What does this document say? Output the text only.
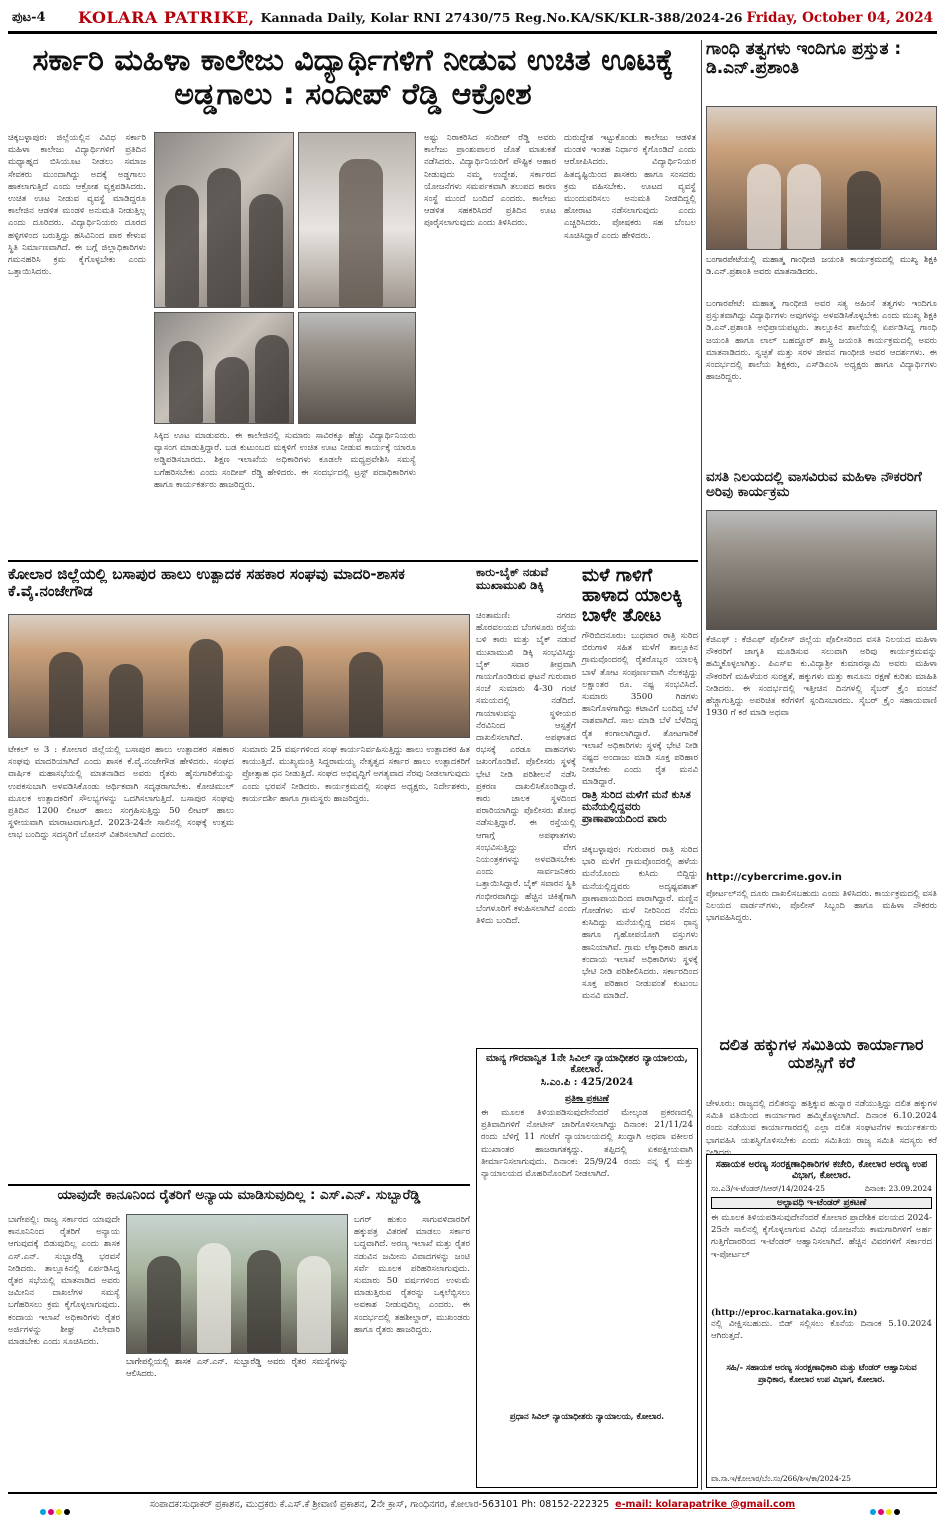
ಪುಟ-4	KOLARA PATRIKE, Kannada Daily, Kolar RNI 27430/75 Reg.No.KA/SK/KLR-388/2024-26 Friday, October 04, 2024
ಸರ್ಕಾರಿ ಮಹಿಳಾ ಕಾಲೇಜು ವಿದ್ಯಾರ್ಥಿಗಳಿಗೆ ನೀಡುವ ಉಚಿತ ಊಟಕ್ಕೆ ಅಡ್ಡಗಾಲು : ಸಂದೀಪ್ ರೆಡ್ಡಿ ಆಕ್ರೋಶ
ಚಿಕ್ಕಬಳ್ಳಾಪುರ: ಜಿಲ್ಲೆಯಲ್ಲಿನ ವಿವಿಧ ಸರ್ಕಾರಿ ಮಹಿಳಾ ಕಾಲೇಜು ವಿದ್ಯಾರ್ಥಿಗಳಿಗೆ ಪ್ರತಿದಿನ ಮಧ್ಯಾಹ್ನದ ಬಿಸಿಯೂಟ ನೀಡಲು ಸಮಾಜ ಸೇವಕರು ಮುಂದಾಗಿದ್ದು ಅದಕ್ಕೆ ಅಡ್ಡಗಾಲು ಹಾಕಲಾಗುತ್ತಿದೆ ಎಂದು ಆಕ್ರೋಶ ವ್ಯಕ್ತಪಡಿಸಿದರು. ಉಚಿತ ಊಟ ನೀಡುವ ವ್ಯವಸ್ಥೆ ಮಾಡಿದ್ದರೂ ಕಾಲೇಜಿನ ಆಡಳಿತ ಮಂಡಳಿ ಅನುಮತಿ ನೀಡುತ್ತಿಲ್ಲ ಎಂದು ದೂರಿದರು. ವಿದ್ಯಾರ್ಥಿನಿಯರು ದೂರದ ಹಳ್ಳಿಗಳಿಂದ ಬರುತ್ತಿದ್ದು ಹಸಿವಿನಿಂದ ಪಾಠ ಕೇಳುವ ಸ್ಥಿತಿ ನಿರ್ಮಾಣವಾಗಿದೆ. ಈ ಬಗ್ಗೆ ಜಿಲ್ಲಾಧಿಕಾರಿಗಳು ಗಮನಹರಿಸಿ ಕ್ರಮ ಕೈಗೊಳ್ಳಬೇಕು ಎಂದು ಒತ್ತಾಯಿಸಿದರು.
ಸಿಕ್ಕಿದ ಊಟ ಮಾಡುವರು. ಈ ಕಾಲೇಜಿನಲ್ಲಿ ಸುಮಾರು ಸಾವಿರಕ್ಕೂ ಹೆಚ್ಚು ವಿದ್ಯಾರ್ಥಿನಿಯರು ವ್ಯಾಸಂಗ ಮಾಡುತ್ತಿದ್ದಾರೆ. ಬಡ ಕುಟುಂಬದ ಮಕ್ಕಳಿಗೆ ಉಚಿತ ಊಟ ನೀಡುವ ಕಾರ್ಯಕ್ಕೆ ಯಾರೂ ಅಡ್ಡಿಪಡಿಸಬಾರದು. ಶಿಕ್ಷಣ ಇಲಾಖೆಯ ಅಧಿಕಾರಿಗಳು ಕೂಡಲೇ ಮಧ್ಯಪ್ರವೇಶಿಸಿ ಸಮಸ್ಯೆ ಬಗೆಹರಿಸಬೇಕು ಎಂದು ಸಂದೀಪ್ ರೆಡ್ಡಿ ಹೇಳಿದರು. ಈ ಸಂದರ್ಭದಲ್ಲಿ ಟ್ರಸ್ಟ್ ಪದಾಧಿಕಾರಿಗಳು ಹಾಗೂ ಕಾರ್ಯಕರ್ತರು ಹಾಜರಿದ್ದರು.
ಅಷ್ಟು ನಿರಾಕರಿಸಿದ ಸಂದೀಪ್ ರೆಡ್ಡಿ ಅವರು ಕಾಲೇಜು ಪ್ರಾಂಶುಪಾಲರ ಜೊತೆ ಮಾತುಕತೆ ನಡೆಸಿದರು. ವಿದ್ಯಾರ್ಥಿನಿಯರಿಗೆ ಪೌಷ್ಟಿಕ ಆಹಾರ ನೀಡುವುದು ನಮ್ಮ ಉದ್ದೇಶ. ಸರ್ಕಾರದ ಯೋಜನೆಗಳು ಸಮರ್ಪಕವಾಗಿ ತಲುಪದ ಕಾರಣ ಸಂಸ್ಥೆ ಮುಂದೆ ಬಂದಿದೆ ಎಂದರು. ಕಾಲೇಜು ಆಡಳಿತ ಸಹಕರಿಸಿದರೆ ಪ್ರತಿದಿನ ಊಟ ಪೂರೈಸಲಾಗುವುದು ಎಂದು ತಿಳಿಸಿದರು.
ದುರುದ್ದೇಶ ಇಟ್ಟುಕೊಂಡು ಕಾಲೇಜು ಆಡಳಿತ ಮಂಡಳಿ ಇಂತಹ ನಿರ್ಧಾರ ಕೈಗೊಂಡಿದೆ ಎಂದು ಆರೋಪಿಸಿದರು. ವಿದ್ಯಾರ್ಥಿನಿಯರ ಹಿತದೃಷ್ಟಿಯಿಂದ ಶಾಸಕರು ಹಾಗೂ ಸಂಸದರು ಕ್ರಮ ವಹಿಸಬೇಕು. ಊಟದ ವ್ಯವಸ್ಥೆ ಮುಂದುವರಿಸಲು ಅನುಮತಿ ನೀಡದಿದ್ದಲ್ಲಿ ಹೋರಾಟ ನಡೆಸಲಾಗುವುದು ಎಂದು ಎಚ್ಚರಿಸಿದರು. ಪೋಷಕರು ಸಹ ಬೆಂಬಲ ಸೂಚಿಸಿದ್ದಾರೆ ಎಂದು ಹೇಳಿದರು.
ಗಾಂಧಿ ತತ್ವಗಳು ಇಂದಿಗೂ ಪ್ರಸ್ತುತ : ಡಿ.ಎನ್.ಪ್ರಶಾಂತಿ
ಬಂಗಾರಪೇಟೆಯಲ್ಲಿ ಮಹಾತ್ಮ ಗಾಂಧೀಜಿ ಜಯಂತಿ ಕಾರ್ಯಕ್ರಮದಲ್ಲಿ ಮುಖ್ಯ ಶಿಕ್ಷಕಿ ಡಿ.ಎನ್.ಪ್ರಶಾಂತಿ ಅವರು ಮಾತನಾಡಿದರು.
ಬಂಗಾರಪೇಟೆ: ಮಹಾತ್ಮ ಗಾಂಧೀಜಿ ಅವರ ಸತ್ಯ ಅಹಿಂಸೆ ತತ್ವಗಳು ಇಂದಿಗೂ ಪ್ರಸ್ತುತವಾಗಿದ್ದು ವಿದ್ಯಾರ್ಥಿಗಳು ಅವುಗಳನ್ನು ಅಳವಡಿಸಿಕೊಳ್ಳಬೇಕು ಎಂದು ಮುಖ್ಯ ಶಿಕ್ಷಕಿ ಡಿ.ಎನ್.ಪ್ರಶಾಂತಿ ಅಭಿಪ್ರಾಯಪಟ್ಟರು. ತಾಲ್ಲೂಕಿನ ಶಾಲೆಯಲ್ಲಿ ಏರ್ಪಡಿಸಿದ್ದ ಗಾಂಧಿ ಜಯಂತಿ ಹಾಗೂ ಲಾಲ್ ಬಹದ್ದೂರ್ ಶಾಸ್ತ್ರಿ ಜಯಂತಿ ಕಾರ್ಯಕ್ರಮದಲ್ಲಿ ಅವರು ಮಾತನಾಡಿದರು. ಸ್ವಚ್ಛತೆ ಮತ್ತು ಸರಳ ಜೀವನ ಗಾಂಧೀಜಿ ಅವರ ಆದರ್ಶಗಳು. ಈ ಸಂದರ್ಭದಲ್ಲಿ ಶಾಲೆಯ ಶಿಕ್ಷಕರು, ಎಸ್‌ಡಿಎಂಸಿ ಅಧ್ಯಕ್ಷರು ಹಾಗೂ ವಿದ್ಯಾರ್ಥಿಗಳು ಹಾಜರಿದ್ದರು.
ವಸತಿ ನಿಲಯದಲ್ಲಿ ವಾಸವಿರುವ ಮಹಿಳಾ ನೌಕರರಿಗೆ ಅರಿವು ಕಾರ್ಯಕ್ರಮ
ಕೆಜಿಎಫ್ : ಕೆಜಿಎಫ್ ಪೊಲೀಸ್ ಜಿಲ್ಲೆಯ ಪೊಲೀಸರಿಂದ ವಸತಿ ನಿಲಯದ ಮಹಿಳಾ ನೌಕರರಿಗೆ ಜಾಗೃತಿ ಮೂಡಿಸುವ ಸಲುವಾಗಿ ಅರಿವು ಕಾರ್ಯಕ್ರಮವನ್ನು ಹಮ್ಮಿಕೊಳ್ಳಲಾಗಿತ್ತು. ಪಿಎಸ್ಐ ಕು.ವಿದ್ಯಾಶ್ರೀ ಕುಮಾರಸ್ವಾಮಿ ಅವರು ಮಹಿಳಾ ನೌಕರರಿಗೆ ಮಹಿಳೆಯರ ಸುರಕ್ಷತೆ, ಹಕ್ಕುಗಳು ಮತ್ತು ಕಾನೂನು ರಕ್ಷಣೆ ಕುರಿತು ಮಾಹಿತಿ ನೀಡಿದರು. ಈ ಸಂದರ್ಭದಲ್ಲಿ ಇತ್ತೀಚಿನ ದಿನಗಳಲ್ಲಿ ಸೈಬರ್ ಕ್ರೈಂ ವಂಚನೆ ಹೆಚ್ಚಾಗುತ್ತಿದ್ದು ಅಪರಿಚಿತ ಕರೆಗಳಿಗೆ ಸ್ಪಂದಿಸಬಾರದು. ಸೈಬರ್ ಕ್ರೈಂ ಸಹಾಯವಾಣಿ 1930 ಗೆ ಕರೆ ಮಾಡಿ ಅಥವಾ
http://cybercrime.gov.in
ಪೋರ್ಟಲ್‌ನಲ್ಲಿ ದೂರು ದಾಖಲಿಸಬಹುದು ಎಂದು ತಿಳಿಸಿದರು. ಕಾರ್ಯಕ್ರಮದಲ್ಲಿ ವಸತಿ ನಿಲಯದ ವಾರ್ಡನ್‌ಗಳು, ಪೊಲೀಸ್ ಸಿಬ್ಬಂದಿ ಹಾಗೂ ಮಹಿಳಾ ನೌಕರರು ಭಾಗವಹಿಸಿದ್ದರು.
ದಲಿತ ಹಕ್ಕುಗಳ ಸಮಿತಿಯ ಕಾರ್ಯಾಗಾರ ಯಶಸ್ಸಿಗೆ ಕರೆ
ಚೇಳೂರು: ರಾಜ್ಯದಲ್ಲಿ ದಲಿತರನ್ನು ಹತ್ತಿಕ್ಕುವ ಹುನ್ನಾರ ನಡೆಯುತ್ತಿದ್ದು ದಲಿತ ಹಕ್ಕುಗಳ ಸಮಿತಿ ವತಿಯಿಂದ ಕಾರ್ಯಾಗಾರ ಹಮ್ಮಿಕೊಳ್ಳಲಾಗಿದೆ. ದಿನಾಂಕ 6.10.2024 ರಂದು ನಡೆಯುವ ಕಾರ್ಯಾಗಾರದಲ್ಲಿ ಎಲ್ಲಾ ದಲಿತ ಸಂಘಟನೆಗಳ ಕಾರ್ಯಕರ್ತರು ಭಾಗವಹಿಸಿ ಯಶಸ್ವಿಗೊಳಿಸಬೇಕು ಎಂದು ಸಮಿತಿಯ ರಾಜ್ಯ ಸಮಿತಿ ಸದಸ್ಯರು ಕರೆ ನೀಡಿದರು.
ಸಹಾಯಕ ಅರಣ್ಯ ಸಂರಕ್ಷಣಾಧಿಕಾರಿಗಳ ಕಚೇರಿ, ಕೋಲಾರ ಅರಣ್ಯ ಉಪ ವಿಭಾಗ, ಕೋಲಾರ.
ಸಂ.ಎ3/ಇ-ಟೆಂಡರ್/ಸಿಆರ್/14/2024-25	ದಿನಾಂಕ: 23.09.2024
ಅಲ್ಪಾವಧಿ ಇ-ಟೆಂಡರ್ ಪ್ರಕಟಣೆ
ಈ ಮೂಲಕ ತಿಳಿಯಪಡಿಸುವುದೇನೆಂದರೆ ಕೋಲಾರ ಪ್ರಾದೇಶಿಕ ವಲಯದ 2024-25ನೇ ಸಾಲಿನಲ್ಲಿ ಕೈಗೊಳ್ಳಲಾಗುವ ವಿವಿಧ ಯೋಜನೆಯ ಕಾಮಗಾರಿಗಳಿಗೆ ಅರ್ಹ ಗುತ್ತಿಗೆದಾರರಿಂದ ಇ-ಟೆಂಡರ್ ಆಹ್ವಾನಿಸಲಾಗಿದೆ. ಹೆಚ್ಚಿನ ವಿವರಗಳಿಗೆ ಸರ್ಕಾರದ ಇ-ಪೋರ್ಟಲ್
(http://eproc.karnataka.gov.in)
ನಲ್ಲಿ ವೀಕ್ಷಿಸಬಹುದು. ಬಿಡ್ ಸಲ್ಲಿಸಲು ಕೊನೆಯ ದಿನಾಂಕ 5.10.2024 ಆಗಿರುತ್ತದೆ.
ಸಹಿ/- ಸಹಾಯಕ ಅರಣ್ಯ ಸಂರಕ್ಷಣಾಧಿಕಾರಿ ಮತ್ತು ಟೆಂಡರ್ ಆಹ್ವಾನಿಸುವ ಪ್ರಾಧಿಕಾರ, ಕೋಲಾರ ಉಪ ವಿಭಾಗ, ಕೋಲಾರ.
ವಾ.ಸಾ.ಇ/ಕೋಲಾರ/ಬೆಂ.ಸಂ/266/ಶಿಇ/ಕಾ/2024-25
ಕೋಲಾರ ಜಿಲ್ಲೆಯಲ್ಲಿ ಬಸಾಪುರ ಹಾಲು ಉತ್ಪಾದಕ ಸಹಕಾರ ಸಂಘವು ಮಾದರಿ-ಶಾಸಕ ಕೆ.ವೈ.ನಂಜೇಗೌಡ
ಟೇಕಲ್ ಅ 3 : ಕೋಲಾರ ಜಿಲ್ಲೆಯಲ್ಲಿ ಬಸಾಪುರ ಹಾಲು ಉತ್ಪಾದಕರ ಸಹಕಾರ ಸಂಘವು ಮಾದರಿಯಾಗಿದೆ ಎಂದು ಶಾಸಕ ಕೆ.ವೈ.ನಂಜೇಗೌಡ ಹೇಳಿದರು. ಸಂಘದ ವಾರ್ಷಿಕ ಮಹಾಸಭೆಯಲ್ಲಿ ಮಾತನಾಡಿದ ಅವರು ರೈತರು ಹೈನುಗಾರಿಕೆಯನ್ನು ಉಪಕಸುಬಾಗಿ ಅಳವಡಿಸಿಕೊಂಡು ಆರ್ಥಿಕವಾಗಿ ಸದೃಢರಾಗಬೇಕು. ಕೋಚಿಮುಲ್ ಮೂಲಕ ಉತ್ಪಾದಕರಿಗೆ ಸೌಲಭ್ಯಗಳನ್ನು ಒದಗಿಸಲಾಗುತ್ತಿದೆ. ಬಸಾಪುರ ಸಂಘವು ಪ್ರತಿದಿನ 1200 ಲೀಟರ್ ಹಾಲು ಸಂಗ್ರಹಿಸುತ್ತಿದ್ದು 50 ಲೀಟರ್ ಹಾಲು ಸ್ಥಳೀಯವಾಗಿ ಮಾರಾಟವಾಗುತ್ತಿದೆ. 2023-24ನೇ ಸಾಲಿನಲ್ಲಿ ಸಂಘಕ್ಕೆ ಉತ್ತಮ ಲಾಭ ಬಂದಿದ್ದು ಸದಸ್ಯರಿಗೆ ಬೋನಸ್ ವಿತರಿಸಲಾಗಿದೆ ಎಂದರು.
ಸುಮಾರು 25 ವರ್ಷಗಳಿಂದ ಸಂಘ ಕಾರ್ಯನಿರ್ವಹಿಸುತ್ತಿದ್ದು ಹಾಲು ಉತ್ಪಾದಕರ ಹಿತ ಕಾಯುತ್ತಿದೆ. ಮುಖ್ಯಮಂತ್ರಿ ಸಿದ್ದರಾಮಯ್ಯ ನೇತೃತ್ವದ ಸರ್ಕಾರ ಹಾಲು ಉತ್ಪಾದಕರಿಗೆ ಪ್ರೋತ್ಸಾಹ ಧನ ನೀಡುತ್ತಿದೆ. ಸಂಘದ ಅಭಿವೃದ್ಧಿಗೆ ಅಗತ್ಯವಾದ ನೆರವು ನೀಡಲಾಗುವುದು ಎಂದು ಭರವಸೆ ನೀಡಿದರು. ಕಾರ್ಯಕ್ರಮದಲ್ಲಿ ಸಂಘದ ಅಧ್ಯಕ್ಷರು, ನಿರ್ದೇಶಕರು, ಕಾರ್ಯದರ್ಶಿ ಹಾಗೂ ಗ್ರಾಮಸ್ಥರು ಹಾಜರಿದ್ದರು.
ಕಾರು-ಬೈಕ್ ನಡುವೆ ಮುಖಾಮುಖಿ ಡಿಕ್ಕಿ
ಚಿಂತಾಮಣಿ: ನಗರದ ಹೊರವಲಯದ ಬೆಂಗಳೂರು ರಸ್ತೆಯ ಬಳಿ ಕಾರು ಮತ್ತು ಬೈಕ್ ನಡುವೆ ಮುಖಾಮುಖಿ ಡಿಕ್ಕಿ ಸಂಭವಿಸಿದ್ದು ಬೈಕ್ ಸವಾರ ತೀವ್ರವಾಗಿ ಗಾಯಗೊಂಡಿರುವ ಘಟನೆ ಗುರುವಾರ ಸಂಜೆ ಸುಮಾರು 4-30 ಗಂಟೆ ಸಮಯದಲ್ಲಿ ನಡೆದಿದೆ. ಗಾಯಾಳುವನ್ನು ಸ್ಥಳೀಯರ ನೆರವಿನಿಂದ ಆಸ್ಪತ್ರೆಗೆ ದಾಖಲಿಸಲಾಗಿದೆ. ಅಪಘಾತದ ರಭಸಕ್ಕೆ ಎರಡೂ ವಾಹನಗಳು ಜಖಂಗೊಂಡಿವೆ. ಪೊಲೀಸರು ಸ್ಥಳಕ್ಕೆ ಭೇಟಿ ನೀಡಿ ಪರಿಶೀಲನೆ ನಡೆಸಿ ಪ್ರಕರಣ ದಾಖಲಿಸಿಕೊಂಡಿದ್ದಾರೆ. ಕಾರು ಚಾಲಕ ಸ್ಥಳದಿಂದ ಪರಾರಿಯಾಗಿದ್ದು ಪೊಲೀಸರು ಶೋಧ ನಡೆಸುತ್ತಿದ್ದಾರೆ. ಈ ರಸ್ತೆಯಲ್ಲಿ ಆಗಾಗ್ಗೆ ಅಪಘಾತಗಳು ಸಂಭವಿಸುತ್ತಿದ್ದು ವೇಗ ನಿಯಂತ್ರಕಗಳನ್ನು ಅಳವಡಿಸಬೇಕು ಎಂದು ಸಾರ್ವಜನಿಕರು ಒತ್ತಾಯಿಸಿದ್ದಾರೆ. ಬೈಕ್ ಸವಾರನ ಸ್ಥಿತಿ ಗಂಭೀರವಾಗಿದ್ದು ಹೆಚ್ಚಿನ ಚಿಕಿತ್ಸೆಗಾಗಿ ಬೆಂಗಳೂರಿಗೆ ಕಳುಹಿಸಲಾಗಿದೆ ಎಂದು ತಿಳಿದು ಬಂದಿದೆ.
ಮಳೆ ಗಾಳಿಗೆ ಹಾಳಾದ ಯಾಲಕ್ಕಿ ಬಾಳೇ ತೋಟ
ಗೌರಿಬಿದನೂರು: ಬುಧವಾರ ರಾತ್ರಿ ಸುರಿದ ಬಿರುಗಾಳಿ ಸಹಿತ ಮಳೆಗೆ ತಾಲ್ಲೂಕಿನ ಗ್ರಾಮವೊಂದರಲ್ಲಿ ರೈತರೊಬ್ಬರ ಯಾಲಕ್ಕಿ ಬಾಳೆ ತೋಟ ಸಂಪೂರ್ಣವಾಗಿ ನೆಲಕಚ್ಚಿದ್ದು ಲಕ್ಷಾಂತರ ರೂ. ನಷ್ಟ ಸಂಭವಿಸಿದೆ. ಸುಮಾರು 3500 ಗಿಡಗಳು ಹಾನಿಗೊಳಗಾಗಿದ್ದು ಕಟಾವಿಗೆ ಬಂದಿದ್ದ ಬೆಳೆ ನಾಶವಾಗಿದೆ. ಸಾಲ ಮಾಡಿ ಬೆಳೆ ಬೆಳೆದಿದ್ದ ರೈತ ಕಂಗಾಲಾಗಿದ್ದಾರೆ. ತೋಟಗಾರಿಕೆ ಇಲಾಖೆ ಅಧಿಕಾರಿಗಳು ಸ್ಥಳಕ್ಕೆ ಭೇಟಿ ನೀಡಿ ನಷ್ಟದ ಅಂದಾಜು ಮಾಡಿ ಸೂಕ್ತ ಪರಿಹಾರ ನೀಡಬೇಕು ಎಂದು ರೈತ ಮನವಿ ಮಾಡಿದ್ದಾರೆ.
ರಾತ್ರಿ ಸುರಿದ ಮಳೆಗೆ ಮನೆ ಕುಸಿತ ಮನೆಯಲ್ಲಿದ್ದವರು ಪ್ರಾಣಾಪಾಯದಿಂದ ಪಾರು
ಚಿಕ್ಕಬಳ್ಳಾಪುರ: ಗುರುವಾರ ರಾತ್ರಿ ಸುರಿದ ಭಾರಿ ಮಳೆಗೆ ಗ್ರಾಮವೊಂದರಲ್ಲಿ ಹಳೆಯ ಮನೆಯೊಂದು ಕುಸಿದು ಬಿದ್ದಿದ್ದು ಮನೆಯಲ್ಲಿದ್ದವರು ಅದೃಷ್ಟವಶಾತ್ ಪ್ರಾಣಾಪಾಯದಿಂದ ಪಾರಾಗಿದ್ದಾರೆ. ಮಣ್ಣಿನ ಗೋಡೆಗಳು ಮಳೆ ನೀರಿನಿಂದ ನೆನೆದು ಕುಸಿದಿದ್ದು ಮನೆಯಲ್ಲಿದ್ದ ದವಸ ಧಾನ್ಯ ಹಾಗೂ ಗೃಹೋಪಯೋಗಿ ವಸ್ತುಗಳು ಹಾನಿಯಾಗಿವೆ. ಗ್ರಾಮ ಲೆಕ್ಕಾಧಿಕಾರಿ ಹಾಗೂ ಕಂದಾಯ ಇಲಾಖೆ ಅಧಿಕಾರಿಗಳು ಸ್ಥಳಕ್ಕೆ ಭೇಟಿ ನೀಡಿ ಪರಿಶೀಲಿಸಿದರು. ಸರ್ಕಾರದಿಂದ ಸೂಕ್ತ ಪರಿಹಾರ ನೀಡುವಂತೆ ಕುಟುಂಬ ಮನವಿ ಮಾಡಿದೆ.
ಮಾನ್ಯ ಗೌರವಾನ್ವಿತ 1ನೇ ಸಿವಿಲ್ ನ್ಯಾಯಾಧೀಶರ ನ್ಯಾಯಾಲಯ, ಕೋಲಾರ.
ಸಿ.ಎಂ.ಪಿ : 425/2024
ಪ್ರತಿಕಾ ಪ್ರಕಟಣೆ
ಈ ಮೂಲಕ ತಿಳಿಯಪಡಿಸುವುದೇನೆಂದರೆ ಮೇಲ್ಕಂಡ ಪ್ರಕರಣದಲ್ಲಿ ಪ್ರತಿವಾದಿಗಳಿಗೆ ನೋಟೀಸ್ ಜಾರಿಗೊಳಿಸಲಾಗಿದ್ದು ದಿನಾಂಕ: 21/11/24 ರಂದು ಬೆಳಿಗ್ಗೆ 11 ಗಂಟೆಗೆ ನ್ಯಾಯಾಲಯದಲ್ಲಿ ಖುದ್ದಾಗಿ ಅಥವಾ ವಕೀಲರ ಮುಖಾಂತರ ಹಾಜರಾಗತಕ್ಕದ್ದು. ತಪ್ಪಿದಲ್ಲಿ ಏಕಪಕ್ಷೀಯವಾಗಿ ತೀರ್ಮಾನಿಸಲಾಗುವುದು. ದಿನಾಂಕ: 25/9/24 ರಂದು ನನ್ನ ಕೈ ಮತ್ತು ನ್ಯಾಯಾಲಯದ ಮೊಹರಿನೊಂದಿಗೆ ನೀಡಲಾಗಿದೆ.
ಪ್ರಧಾನ ಸಿವಿಲ್ ನ್ಯಾಯಾಧೀಶರು ನ್ಯಾಯಾಲಯ, ಕೋಲಾರ.
ಯಾವುದೇ ಕಾನೂನಿಂದ ರೈತರಿಗೆ ಅನ್ಯಾಯ ಮಾಡಿಸುವುದಿಲ್ಲ : ಎಸ್.ಎನ್. ಸುಬ್ಬಾರೆಡ್ಡಿ
ಬಾಗೇಪಲ್ಲಿ: ರಾಜ್ಯ ಸರ್ಕಾರದ ಯಾವುದೇ ಕಾನೂನಿನಿಂದ ರೈತರಿಗೆ ಅನ್ಯಾಯ ಆಗುವುದಕ್ಕೆ ಬಿಡುವುದಿಲ್ಲ ಎಂದು ಶಾಸಕ ಎಸ್.ಎನ್. ಸುಬ್ಬಾರೆಡ್ಡಿ ಭರವಸೆ ನೀಡಿದರು. ತಾಲ್ಲೂಕಿನಲ್ಲಿ ಏರ್ಪಡಿಸಿದ್ದ ರೈತರ ಸಭೆಯಲ್ಲಿ ಮಾತನಾಡಿದ ಅವರು ಜಮೀನಿನ ದಾಖಲೆಗಳ ಸಮಸ್ಯೆ ಬಗೆಹರಿಸಲು ಕ್ರಮ ಕೈಗೊಳ್ಳಲಾಗುವುದು. ಕಂದಾಯ ಇಲಾಖೆ ಅಧಿಕಾರಿಗಳು ರೈತರ ಅರ್ಜಿಗಳನ್ನು ಶೀಘ್ರ ವಿಲೇವಾರಿ ಮಾಡಬೇಕು ಎಂದು ಸೂಚಿಸಿದರು.
ಬಾಗೇಪಲ್ಲಿಯಲ್ಲಿ ಶಾಸಕ ಎಸ್.ಎನ್. ಸುಬ್ಬಾರೆಡ್ಡಿ ಅವರು ರೈತರ ಸಮಸ್ಯೆಗಳನ್ನು ಆಲಿಸಿದರು.
ಬಗರ್ ಹುಕುಂ ಸಾಗುವಳಿದಾರರಿಗೆ ಹಕ್ಕುಪತ್ರ ವಿತರಣೆ ಮಾಡಲು ಸರ್ಕಾರ ಬದ್ಧವಾಗಿದೆ. ಅರಣ್ಯ ಇಲಾಖೆ ಮತ್ತು ರೈತರ ನಡುವಿನ ಜಮೀನು ವಿವಾದಗಳನ್ನು ಜಂಟಿ ಸರ್ವೆ ಮೂಲಕ ಪರಿಹರಿಸಲಾಗುವುದು. ಸುಮಾರು 50 ವರ್ಷಗಳಿಂದ ಉಳುಮೆ ಮಾಡುತ್ತಿರುವ ರೈತರನ್ನು ಒಕ್ಕಲೆಬ್ಬಿಸಲು ಅವಕಾಶ ನೀಡುವುದಿಲ್ಲ ಎಂದರು. ಈ ಸಂದರ್ಭದಲ್ಲಿ ತಹಶೀಲ್ದಾರ್, ಮುಖಂಡರು ಹಾಗೂ ರೈತರು ಹಾಜರಿದ್ದರು.
ಸಂಪಾದಕ:ಸುಧಾಕರ್ ಪ್ರಕಾಶನ, ಮುದ್ರಕರು ಕೆ.ಎಸ್.ಕೆ ಶ್ರೀವಾಣಿ ಪ್ರಕಾಶನ, 2ನೇ ಕ್ರಾಸ್, ಗಾಂಧಿನಗರ, ಕೋಲಾರ-563101 Ph: 08152-222325 e-mail: kolarapatrike @gmail.com
